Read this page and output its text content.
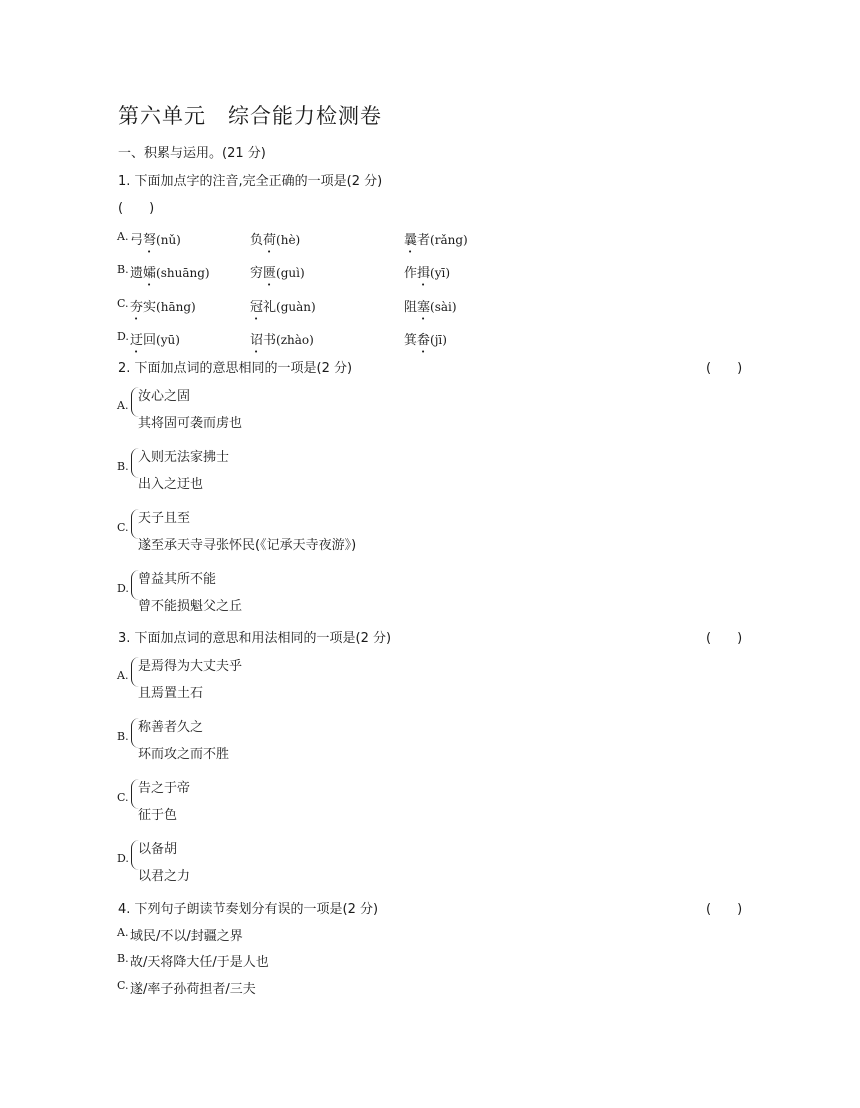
第六单元　综合能力检测卷
一、积累与运用。(21 分)
1. 下面加点字的注音,完全正确的一项是(2 分)
(　　)
A. 弓弩(nǔ)	负荷(hè)	曩者(rǎng)
B. 遗孀(shuāng)	穷匮(guì)	作揖(yī)
C. 夯实(hāng)	冠礼(guàn)	阻塞(sài)
D. 迂回(yū)	诏书(zhào)	箕畚(jī)
2. 下面加点词的意思相同的一项是(2 分)	(　　)
A.
汝心之固
其将固可袭而虏也
B.
入则无法家拂士
出入之迂也
C.
天子且至
遂至承天寺寻张怀民(《记承天寺夜游》)
D.
曾益其所不能
曾不能损魁父之丘
3. 下面加点词的意思和用法相同的一项是(2 分)	(　　)
A.
是焉得为大丈夫乎
且焉置土石
B.
称善者久之
环而攻之而不胜
C.
告之于帝
征于色
D.
以备胡
以君之力
4. 下列句子朗读节奏划分有误的一项是(2 分)	(　　)
A. 域民/不以/封疆之界
B. 故/天将降大任/于是人也
C. 遂/率子孙荷担者/三夫
